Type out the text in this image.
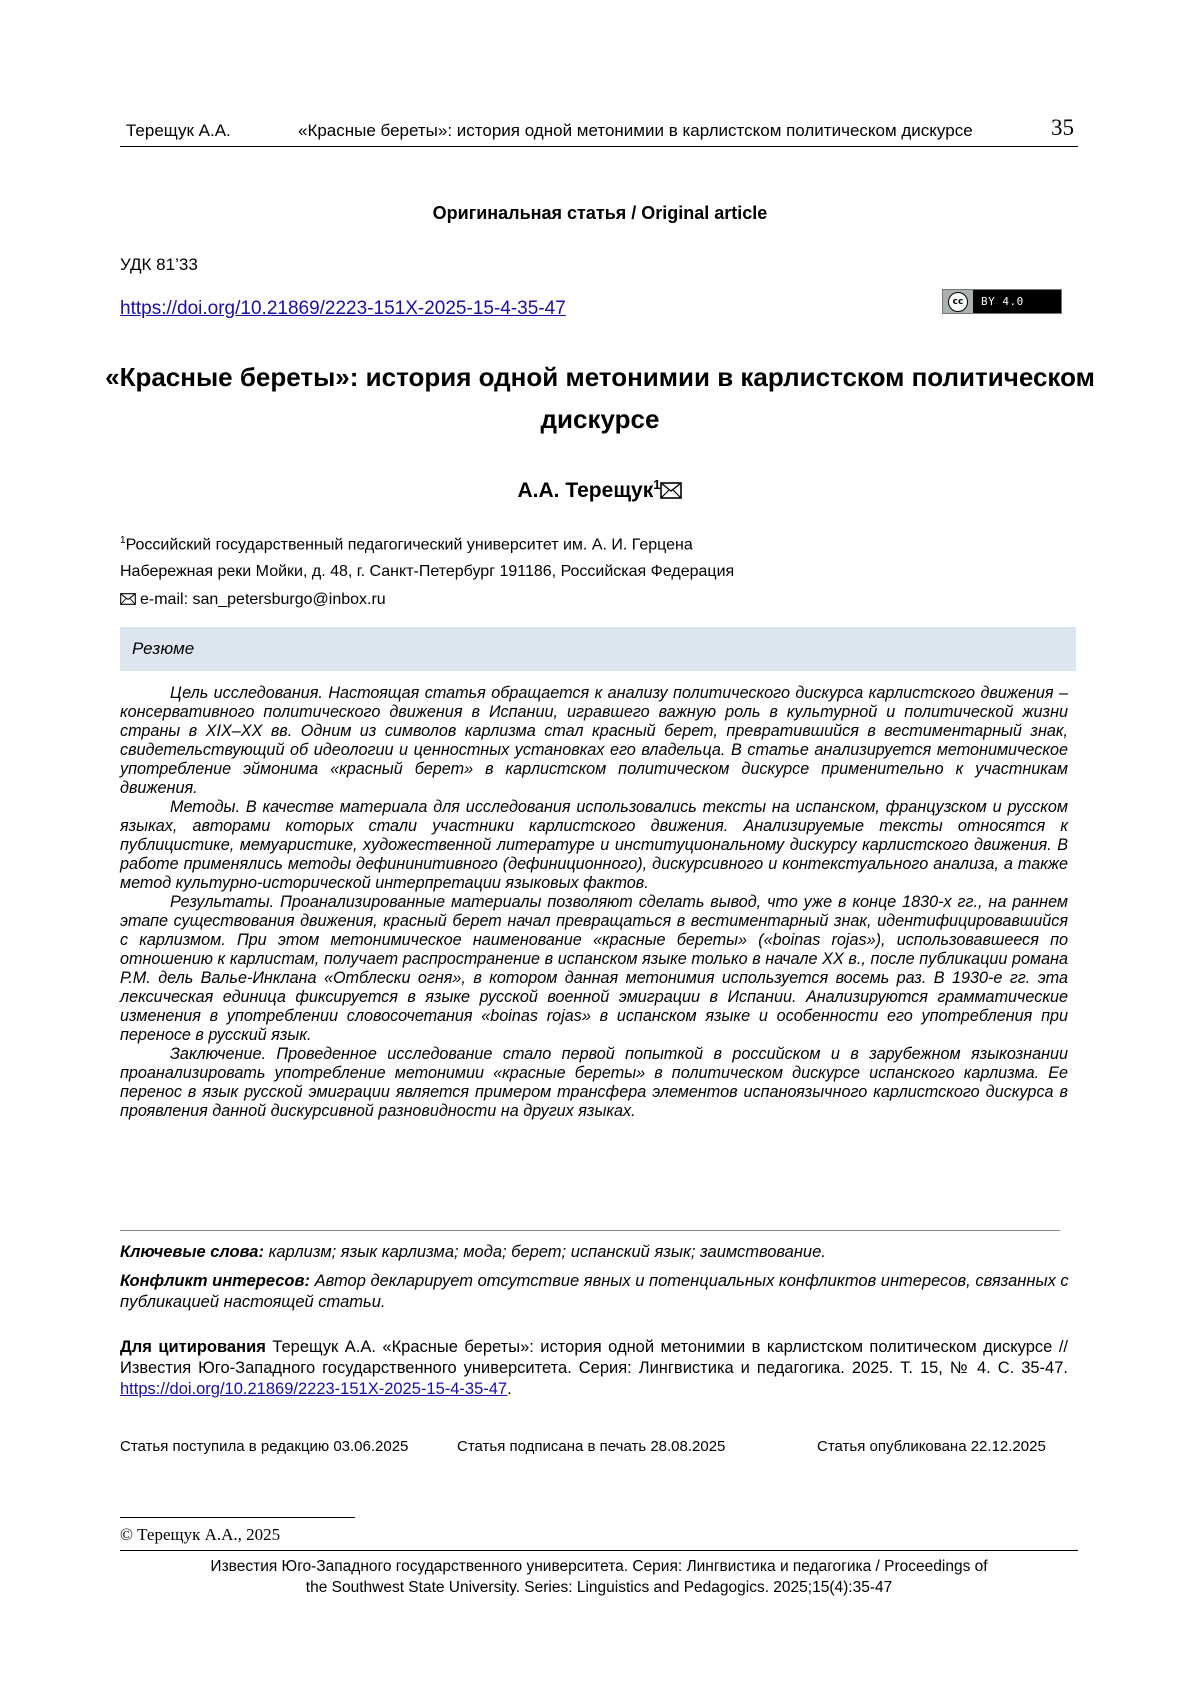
Терещук А.А.	«Красные береты»: история одной метонимии в карлистском политическом дискурсе	35
Оригинальная статья / Original article
УДК 81’33
https://doi.org/10.21869/2223-151X-2025-15-4-35-47	cc	BY 4.0
«Красные береты»: история одной метонимии в карлистском политическом дискурсе
А.А. Терещук$^1$
$^1$Российский государственный педагогический университет им. А. И. Герцена
Набережная реки Мойки, д. 48, г. Санкт-Петербург 191186, Российская Федерация
e-mail: san_petersburgo@inbox.ru
Резюме

Цель исследования. Настоящая статья обращается к анализу политического дискурса карлистского движения – консервативного политического движения в Испании, игравшего важную роль в культурной и политической жизни страны в XIX–XX вв. Одним из символов карлизма стал красный берет, превратившийся в вестиментарный знак, свидетельствующий об идеологии и ценностных установках его владельца. В статье анализируется метонимическое употребление эймонима «красный берет» в карлистском политическом дискурсе применительно к участникам движения.

Методы. В качестве материала для исследования использовались тексты на испанском, французском и русском языках, авторами которых стали участники карлистского движения. Анализируемые тексты относятся к публицистике, мемуаристике, художественной литературе и институциональному дискурсу карлистского движения. В работе применялись методы дефининитивного (дефиниционного), дискурсивного и контекстуального анализа, а также метод культурно-исторической интерпретации языковых фактов.

Результаты. Проанализированные материалы позволяют сделать вывод, что уже в конце 1830-х гг., на раннем этапе существования движения, красный берет начал превращаться в вестиментарный знак, идентифицировавшийся с карлизмом. При этом метонимическое наименование «красные береты» («boinas rojas»), использовавшееся по отношению к карлистам, получает распространение в испанском языке только в начале XX в., после публикации романа Р.М. дель Валье-Инклана «Отблески огня», в котором данная метонимия используется восемь раз. В 1930-е гг. эта лексическая единица фиксируется в языке русской военной эмиграции в Испании. Анализируются грамматические изменения в употреблении словосочетания «boinas rojas» в испанском языке и особенности его употребления при переносе в русский язык.

Заключение. Проведенное исследование стало первой попыткой в российском и в зарубежном языкознании проанализировать употребление метонимии «красные береты» в политическом дискурсе испанского карлизма. Ее перенос в язык русской эмиграции является примером трансфера элементов испаноязычного карлистского дискурса в проявления данной дискурсивной разновидности на других языках.

Ключевые слова: карлизм; язык карлизма; мода; берет; испанский язык; заимствование.
Конфликт интересов: Автор декларирует отсутствие явных и потенциальных конфликтов интересов, связанных с публикацией настоящей статьи.
Для цитирования Терещук А.А. «Красные береты»: история одной метонимии в карлистском политическом дискурсе // Известия Юго-Западного государственного университета. Серия: Лингвистика и педагогика. 2025. Т. 15, № 4. С. 35-47. https://doi.org/10.21869/2223-151X-2025-15-4-35-47.
Статья поступила в редакцию 03.06.2025	Статья подписана в печать 28.08.2025	Статья опубликована 22.12.2025
© Терещук А.А., 2025
Известия Юго-Западного государственного университета. Серия: Лингвистика и педагогика / Proceedings of
the Southwest State University. Series: Linguistics and Pedagogics. 2025;15(4):35-47
